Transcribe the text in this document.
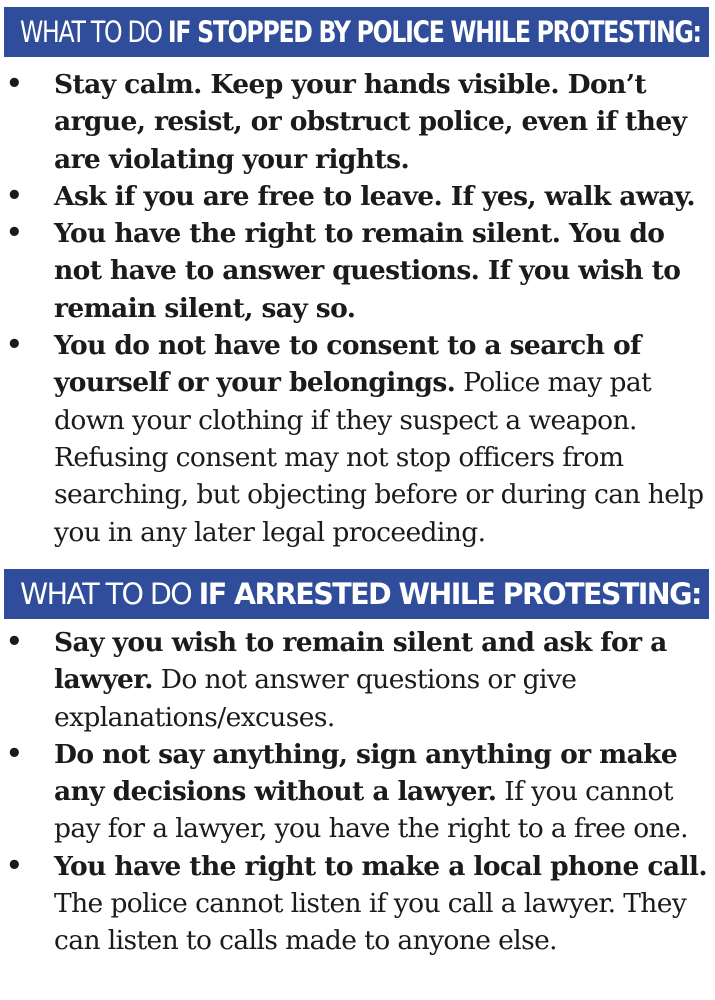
WHAT TO DO IF STOPPED BY POLICE WHILE PROTESTING:
• Stay calm. Keep your hands visible. Don’t argue, resist, or obstruct police, even if they are violating your rights.
• Ask if you are free to leave. If yes, walk away.
• You have the right to remain silent. You do not have to answer questions. If you wish to remain silent, say so.
• You do not have to consent to a search of yourself or your belongings. Police may pat down your clothing if they suspect a weapon. Refusing consent may not stop officers from searching, but objecting before or during can help you in any later legal proceeding.
WHAT TO DO IF ARRESTED WHILE PROTESTING:
• Say you wish to remain silent and ask for a lawyer. Do not answer questions or give explanations/excuses.
• Do not say anything, sign anything or make any decisions without a lawyer. If you cannot pay for a lawyer, you have the right to a free one.
• You have the right to make a local phone call. The police cannot listen if you call a lawyer. They can listen to calls made to anyone else.
